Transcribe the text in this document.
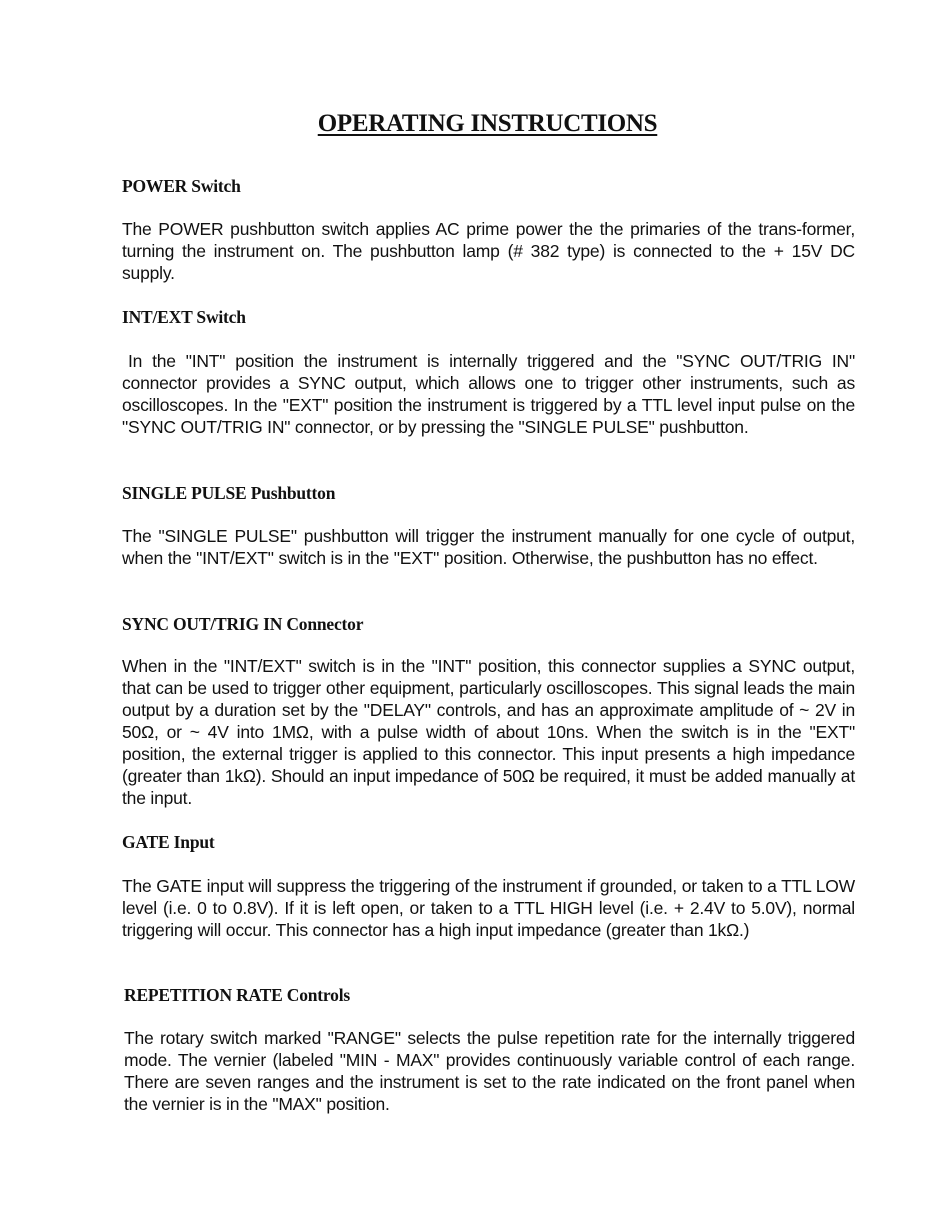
OPERATING INSTRUCTIONS
POWER Switch

The POWER pushbutton switch applies AC prime power the the primaries of the trans-former, turning the instrument on. The pushbutton lamp (# 382 type) is connected to the + 15V DC supply.

INT/EXT Switch

In the "INT" position the instrument is internally triggered and the "SYNC OUT/TRIG IN" connector provides a SYNC output, which allows one to trigger other instruments, such as oscilloscopes. In the "EXT" position the instrument is triggered by a TTL level input pulse on the "SYNC OUT/TRIG IN" connector, or by pressing the "SINGLE PULSE" pushbutton.

SINGLE PULSE Pushbutton

The "SINGLE PULSE" pushbutton will trigger the instrument manually for one cycle of output, when the "INT/EXT" switch is in the "EXT" position. Otherwise, the pushbutton has no effect.

SYNC OUT/TRIG IN Connector

When in the "INT/EXT" switch is in the "INT" position, this connector supplies a SYNC output, that can be used to trigger other equipment, particularly oscilloscopes. This signal leads the main output by a duration set by the "DELAY" controls, and has an approximate amplitude of ~ 2V in 50Ω, or ~ 4V into 1MΩ, with a pulse width of about 10ns. When the switch is in the "EXT" position, the external trigger is applied to this connector. This input presents a high impedance (greater than 1kΩ). Should an input impedance of 50Ω be required, it must be added manually at the input.

GATE Input

The GATE input will suppress the triggering of the instrument if grounded, or taken to a TTL LOW level (i.e. 0 to 0.8V). If it is left open, or taken to a TTL HIGH level (i.e. + 2.4V to 5.0V), normal triggering will occur. This connector has a high input impedance (greater than 1kΩ.)

REPETITION RATE Controls

The rotary switch marked "RANGE" selects the pulse repetition rate for the internally triggered mode. The vernier (labeled "MIN - MAX" provides continuously variable control of each range. There are seven ranges and the instrument is set to the rate indicated on the front panel when the vernier is in the "MAX" position.
